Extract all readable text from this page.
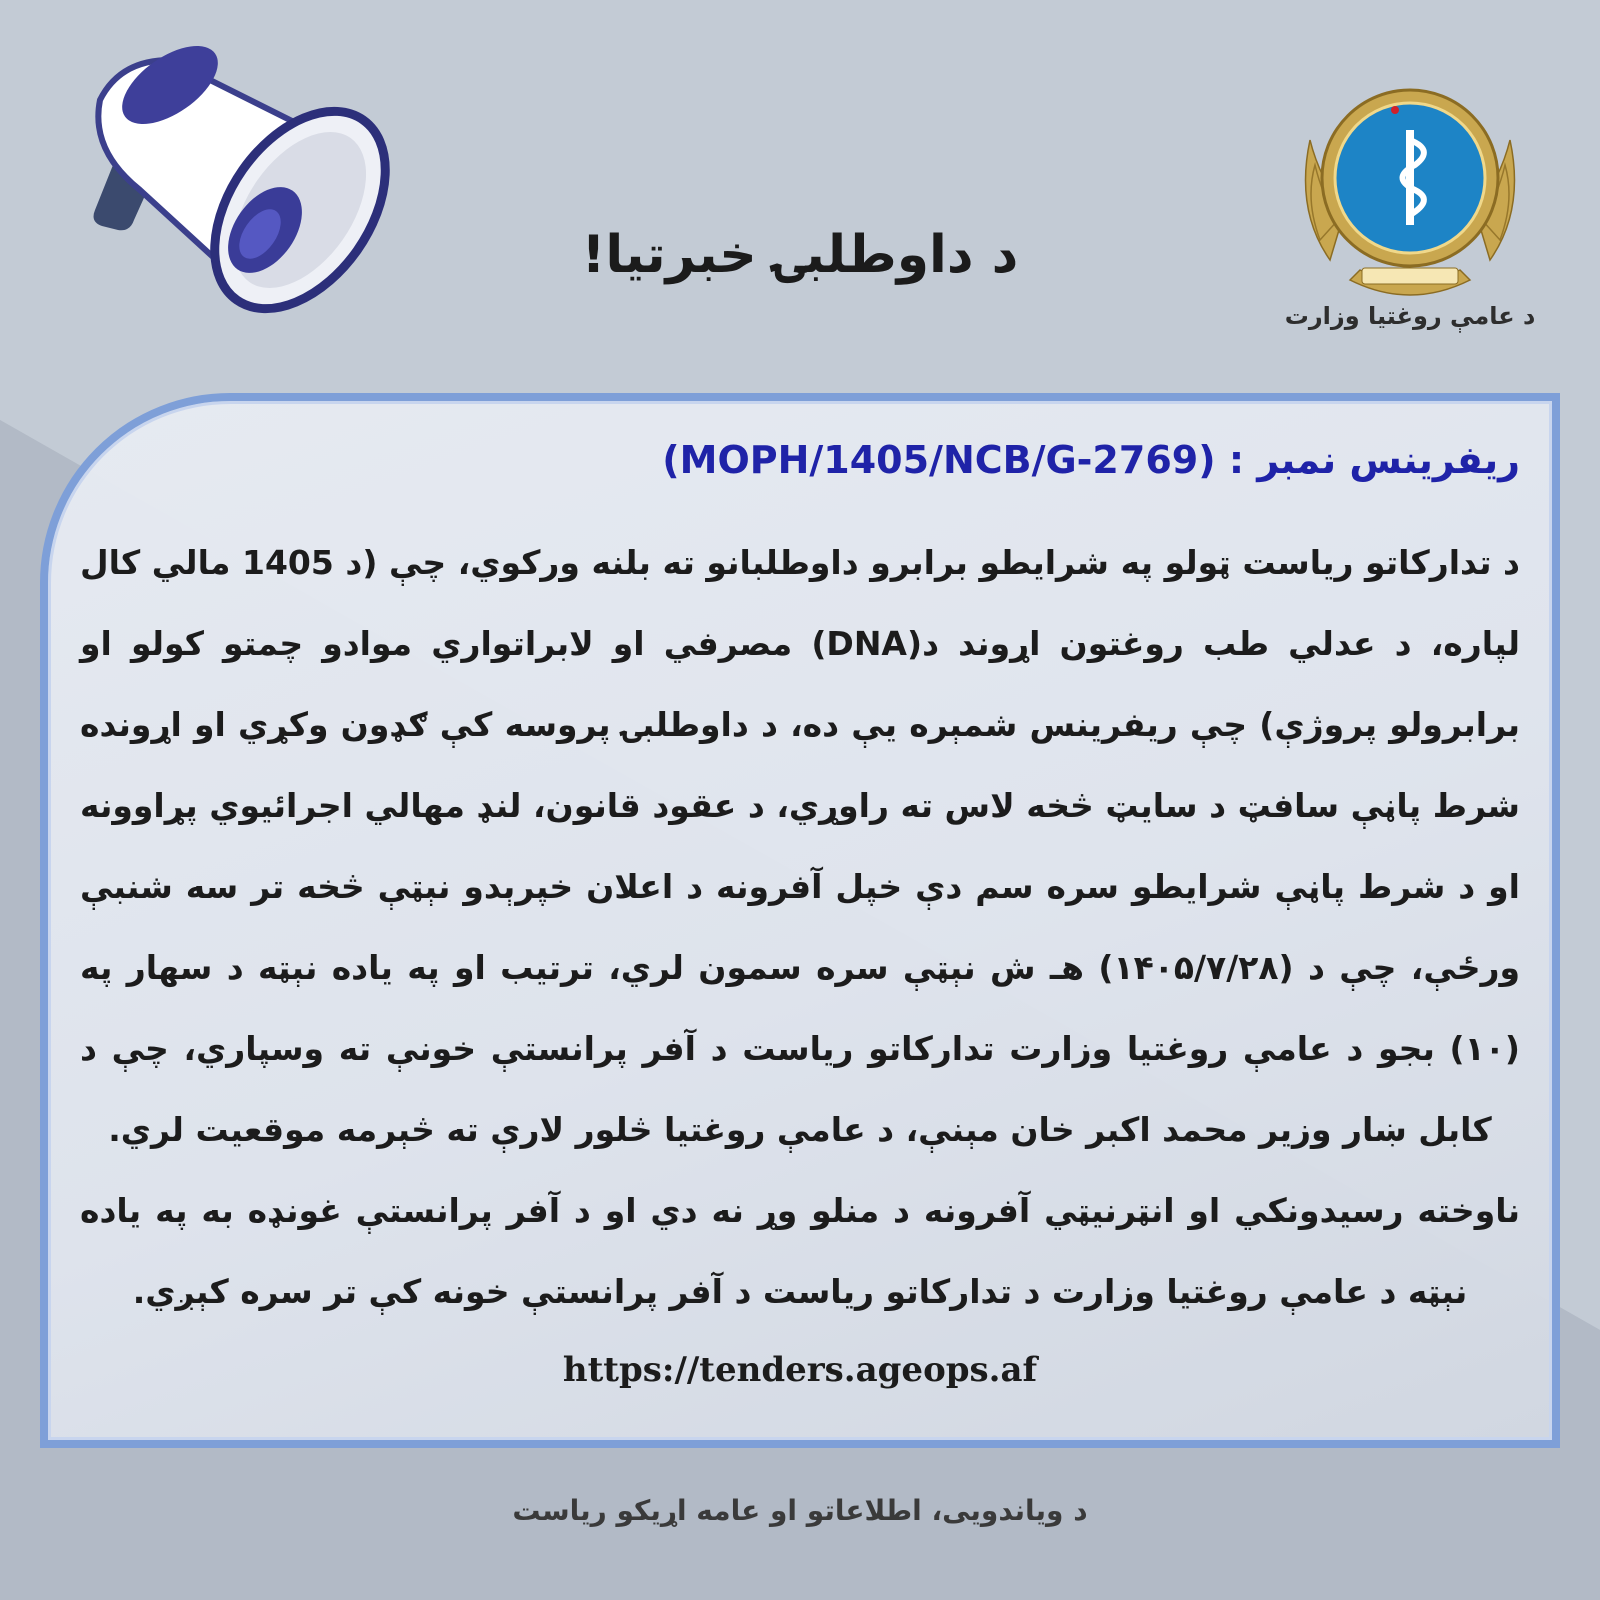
د داوطلبۍ خبرتیا!
د عامې روغتیا وزارت
ریفرینس نمبر : (MOPH/1405/NCB/G-2769)

د تدارکاتو ریاست ټولو په شرایطو برابرو داوطلبانو ته بلنه ورکوي، چې (د 1405 مالي کال لپاره، د عدلي طب روغتون اړوند د(DNA) مصرفي او لابراتواري موادو چمتو کولو او برابرولو پروژې) چې ریفرینس شمېره یې ده، د داوطلبۍ پروسه کې ګډون وکړي او اړونده شرط پاڼې سافټ د سایټ څخه لاس ته راوړي، د عقود قانون، لنډ مهالي اجرائیوي پړاوونه او د شرط پاڼې شرایطو سره سم دې خپل آفرونه د اعلان خپرېدو نېټې څخه تر سه شنبې ورځې، چې د (۱۴۰۵/۷/۲۸) هـ ش نېټې سره سمون لري، ترتیب او په یاده نېټه د سهار په (۱۰) بجو د عامې روغتیا وزارت تدارکاتو ریاست د آفر پرانستې خونې ته وسپاري، چې د کابل ښار وزیر محمد اکبر خان مېنې، د عامې روغتیا څلور لارې ته څېرمه موقعیت لري.

ناوخته رسیدونکي او انټرنیټي آفرونه د منلو وړ نه دي او د آفر پرانستې غونډه به په یاده نېټه د عامې روغتیا وزارت د تدارکاتو ریاست د آفر پرانستې خونه کې تر سره کېږي.

https://tenders.ageops.af
د ویاندویی، اطلاعاتو او عامه اړیکو ریاست
